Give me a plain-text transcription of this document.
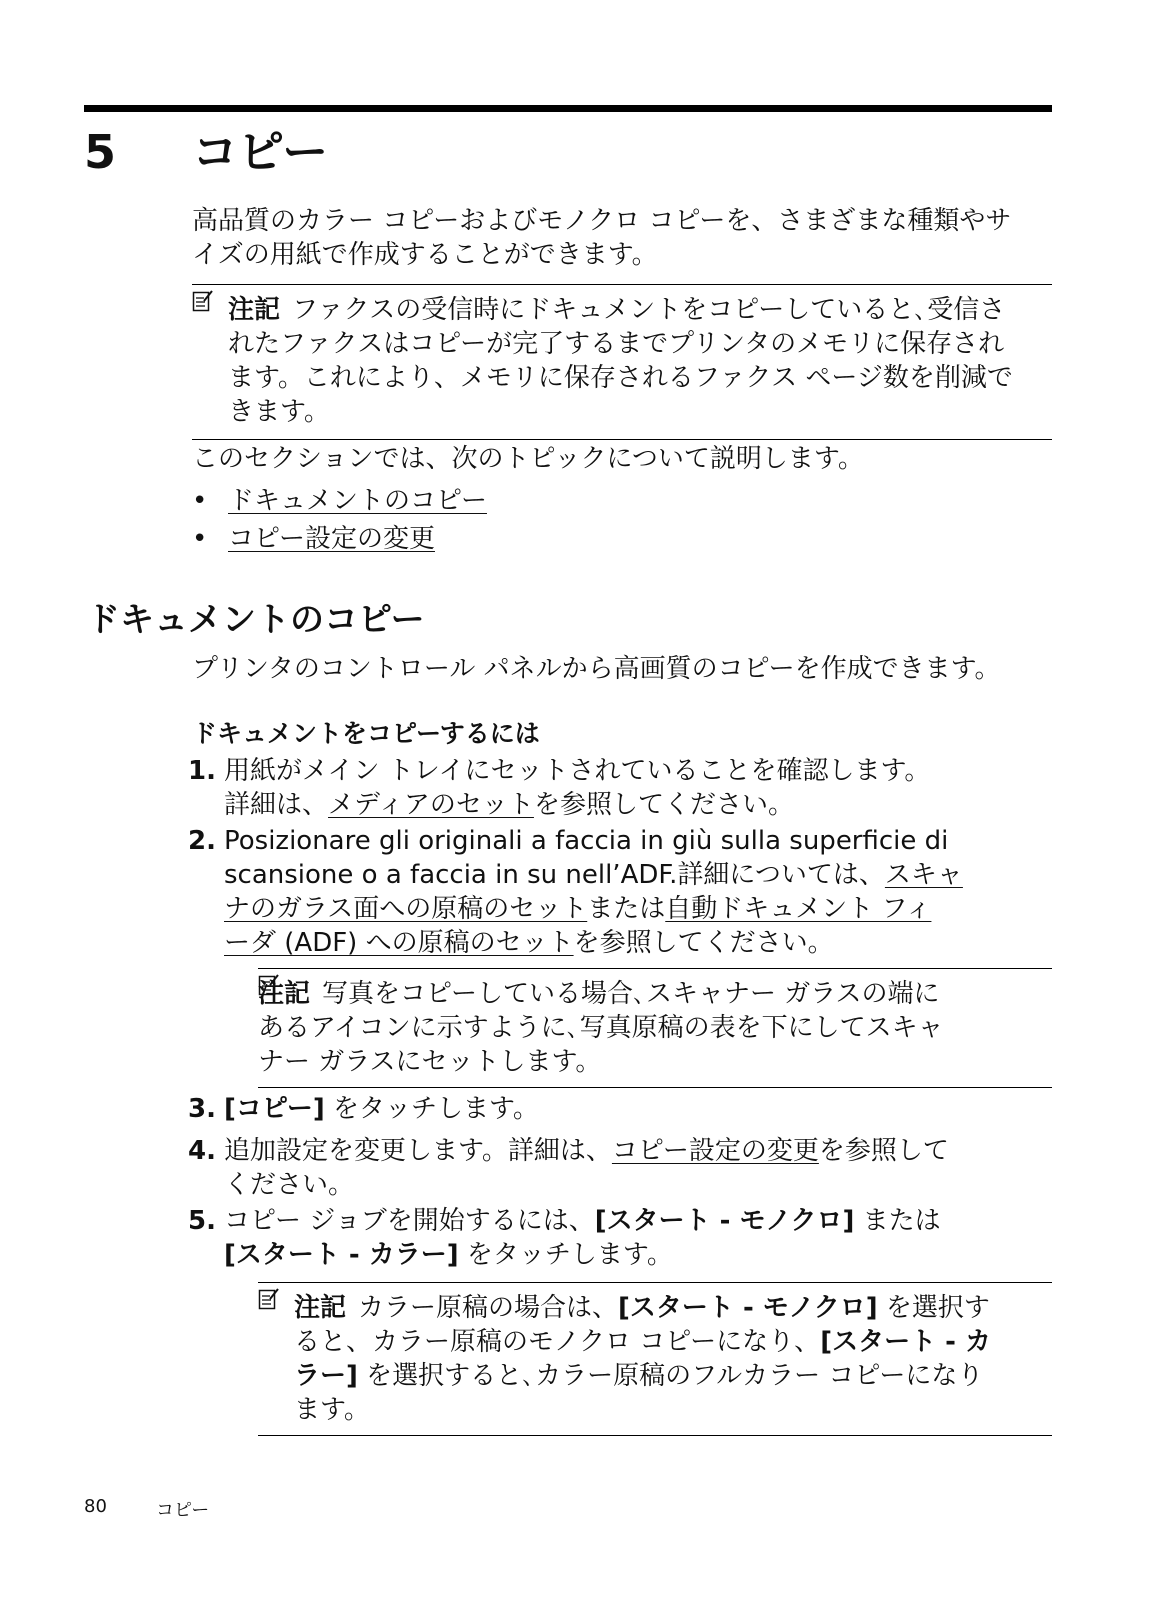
5 コピー
高品質のカラー コピーおよびモノクロ コピーを、さまざまな種類やサ
イズの用紙で作成することができます。
注記 ファクスの受信時にドキュメントをコピーしていると､受信さ
れたファクスはコピーが完了するまでプリンタのメモリに保存され
ます。これにより、メモリに保存されるファクス ページ数を削減で
きます。
このセクションでは、次のトピックについて説明します。
• ドキュメントのコピー
• コピー設定の変更
ドキュメントのコピー
プリンタのコントロール パネルから高画質のコピーを作成できます。
ドキュメントをコピーするには
1. 用紙がメイン トレイにセットされていることを確認します。
詳細は、メディアのセットを参照してください。
2. Posizionare gli originali a faccia in giù sulla superficie di
scansione o a faccia in su nell’ADF.詳細については、スキャ
ナのガラス面への原稿のセットまたは自動ドキュメント フィ
ーダ (ADF) への原稿のセットを参照してください。
注記 写真をコピーしている場合､スキャナー ガラスの端に
あるアイコンに示すように､写真原稿の表を下にしてスキャ
ナー ガラスにセットします。
3. [コピー] をタッチします。
4. 追加設定を変更します。詳細は、コピー設定の変更を参照して
ください。
5. コピー ジョブを開始するには、[スタート - モノクロ] または
[スタート - カラー] をタッチします。
注記 カラー原稿の場合は、[スタート - モノクロ] を選択す
ると、カラー原稿のモノクロ コピーになり、[スタート - カ
ラー] を選択すると､カラー原稿のフルカラー コピーになり
ます。
80	コピー
